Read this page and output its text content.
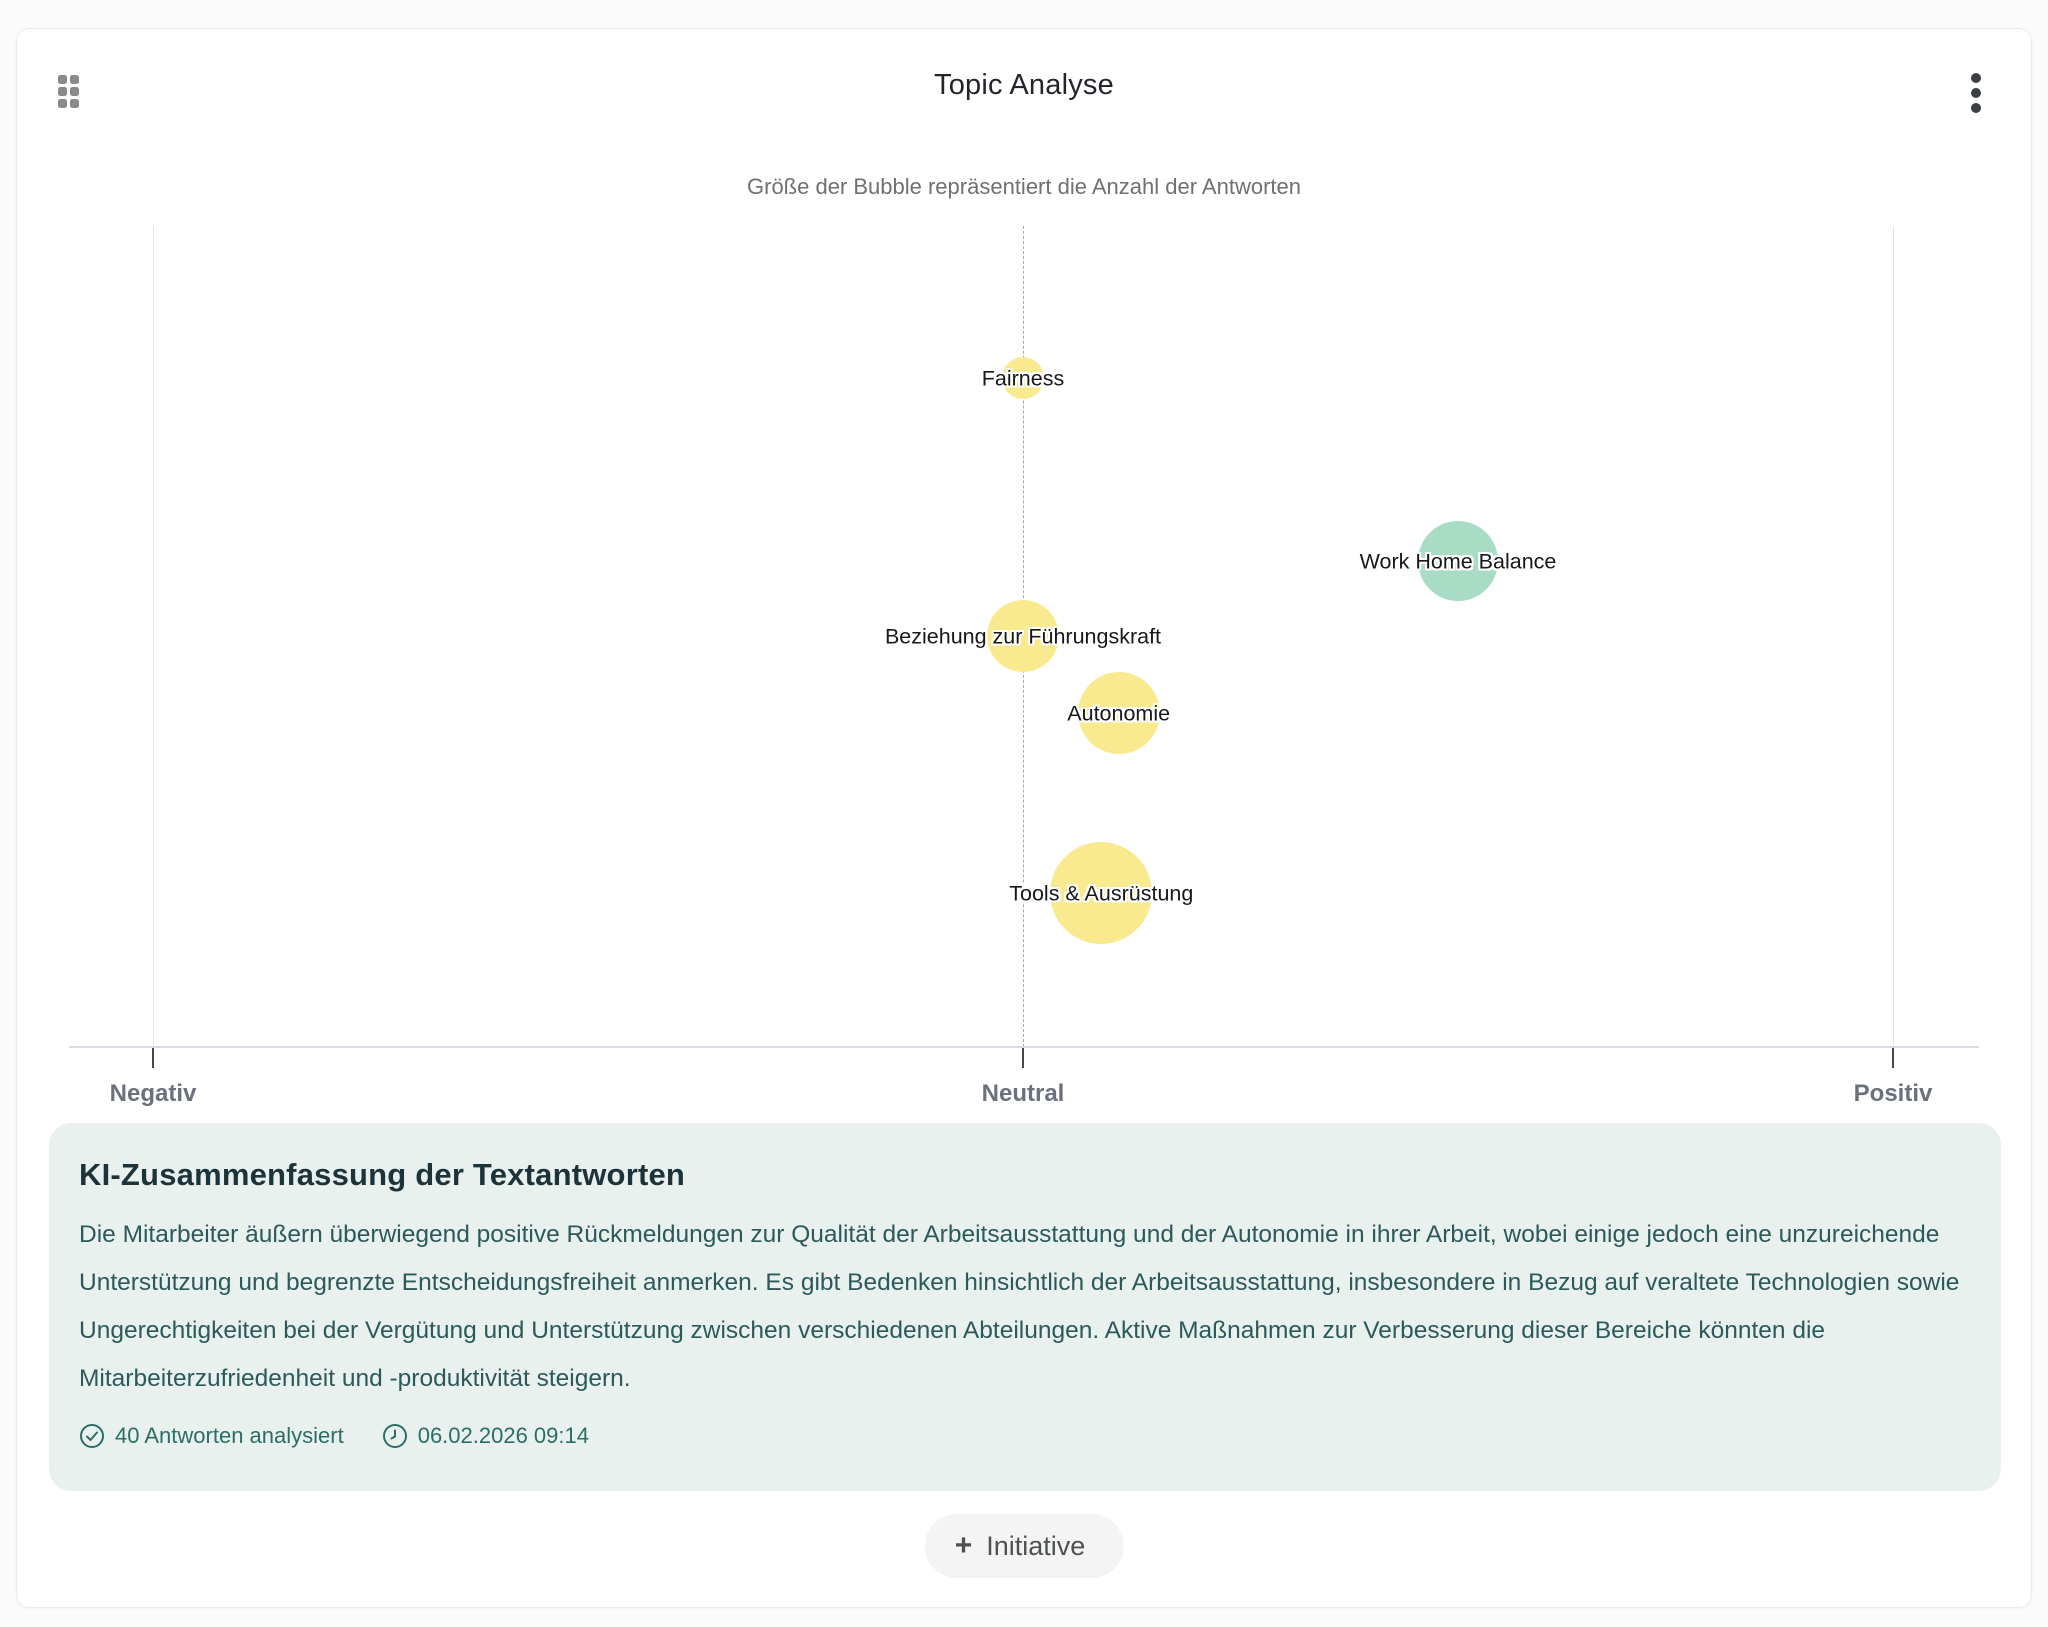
Topic Analyse
Größe der Bubble repräsentiert die Anzahl der Antworten
Negativ	Neutral	Positiv
Fairness
Work Home Balance
Beziehung zur Führungskraft
Autonomie
Tools & Ausrüstung
KI-Zusammenfassung der Textantworten

Die Mitarbeiter äußern überwiegend positive Rückmeldungen zur Qualität der Arbeitsausstattung und der Autonomie in ihrer Arbeit, wobei einige jedoch eine unzureichende Unterstützung und begrenzte Entscheidungsfreiheit anmerken. Es gibt Bedenken hinsichtlich der Arbeitsausstattung, insbesondere in Bezug auf veraltete Technologien sowie Ungerechtigkeiten bei der Vergütung und Unterstützung zwischen verschiedenen Abteilungen. Aktive Maßnahmen zur Verbesserung dieser Bereiche könnten die Mitarbeiterzufriedenheit und -produktivität steigern.

40 Antworten analysiert	06.02.2026 09:14
+ Initiative
